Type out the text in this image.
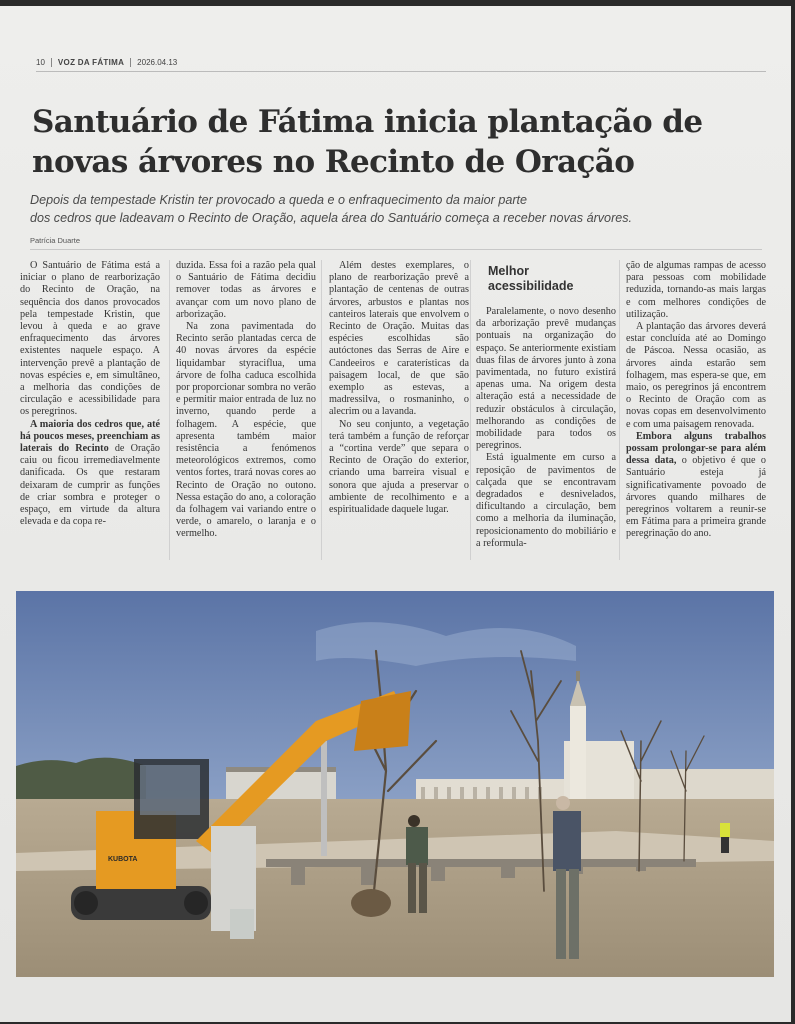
10 VOZ DA FÁTIMA 2026.04.13
Santuário de Fátima inicia plantação de
novas árvores no Recinto de Oração

Depois da tempestade Kristin ter provocado a queda e o enfraquecimento da maior parte
dos cedros que ladeavam o Recinto de Oração, aquela área do Santuário começa a receber novas árvores.

Patrícia Duarte

O Santuário de Fátima está a iniciar o plano de rearborização do Recinto de Oração, na sequência dos danos provocados pela tempestade Kristin, que levou à queda e ao grave enfraquecimento das árvores existentes naquele espaço. A intervenção prevê a plantação de novas espécies e, em simultâneo, a melhoria das condições de circulação e acessibilidade para os peregrinos.

A maioria dos cedros que, até há poucos meses, preenchiam as laterais do Recinto de Oração caiu ou ficou irremediavelmente danificada. Os que restaram deixaram de cumprir as funções de criar sombra e proteger o espaço, em virtude da altura elevada e da copa re-

duzida. Essa foi a razão pela qual o Santuário de Fátima decidiu remover todas as árvores e avançar com um novo plano de arborização.

Na zona pavimentada do Recinto serão plantadas cerca de 40 novas árvores da espécie liquidambar styraciflua, uma árvore de folha caduca escolhida por proporcionar sombra no verão e permitir maior entrada de luz no inverno, quando perde a folhagem. A espécie, que apresenta também maior resistência a fenómenos meteorológicos extremos, como ventos fortes, trará novas cores ao Recinto de Oração no outono. Nessa estação do ano, a coloração da folhagem vai variando entre o verde, o amarelo, o laranja e o vermelho.

Além destes exemplares, o plano de rearborização prevê a plantação de centenas de outras árvores, arbustos e plantas nos canteiros laterais que envolvem o Recinto de Oração. Muitas das espécies escolhidas são autóctones das Serras de Aire e Candeeiros e caraterísticas da paisagem local, de que são exemplo as estevas, a madressilva, o rosmaninho, o alecrim ou a lavanda.

No seu conjunto, a vegetação terá também a função de reforçar a “cortina verde” que separa o Recinto de Oração do exterior, criando uma barreira visual e sonora que ajuda a preservar o ambiente de recolhimento e a espiritualidade daquele lugar.

Melhor acessibilidade

Paralelamente, o novo desenho da arborização prevê mudanças pontuais na organização do espaço. Se anteriormente existiam duas filas de árvores junto à zona pavimentada, no futuro existirá apenas uma. Na origem desta alteração está a necessidade de reduzir obstáculos à circulação, melhorando as condições de mobilidade para todos os peregrinos.

Está igualmente em curso a reposição de pavimentos de calçada que se encontravam degradados e desnivelados, dificultando a circulação, bem como a melhoria da iluminação, reposicionamento do mobiliário e a reformula-

ção de algumas rampas de acesso para pessoas com mobilidade reduzida, tornando-as mais largas e com melhores condições de utilização.

A plantação das árvores deverá estar concluída até ao Domingo de Páscoa. Nessa ocasião, as árvores ainda estarão sem folhagem, mas espera-se que, em maio, os peregrinos já encontrem o Recinto de Oração com as novas copas em desenvolvimento e com uma paisagem renovada.

Embora alguns trabalhos possam prolongar-se para além dessa data, o objetivo é que o Santuário esteja já significativamente povoado de árvores quando milhares de peregrinos voltarem a reunir-se em Fátima para a primeira grande peregrinação do ano.

KUBOTA
